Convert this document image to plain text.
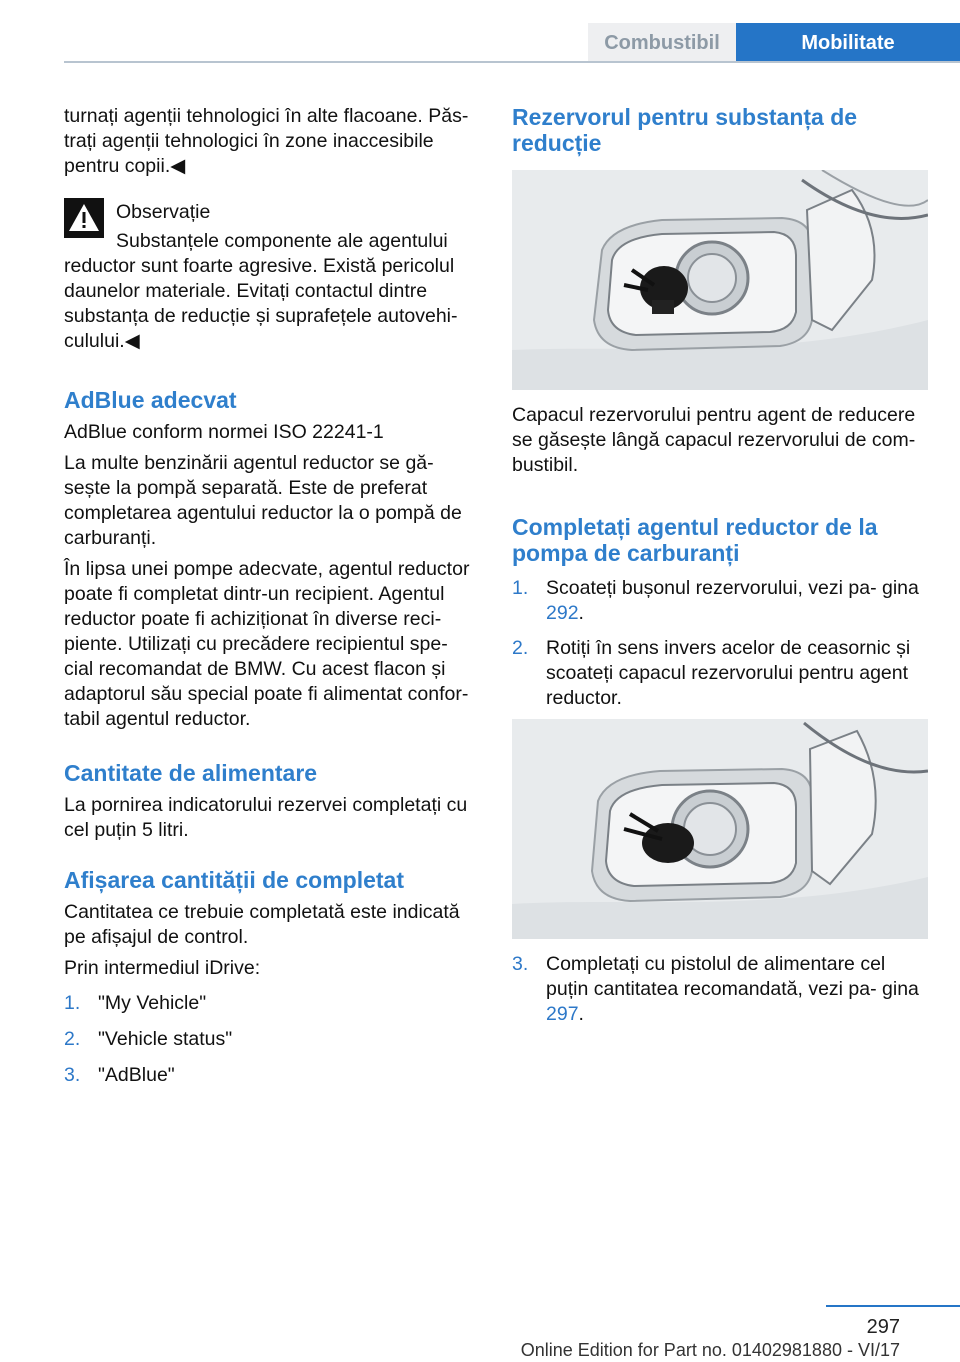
Combustibil	Mobilitate

turnați agenții tehnologici în alte flacoane. Păs‐ trați agenții tehnologici în zone inaccesibile pentru copii.◀

Observație

Substanțele componente ale agentului reductor sunt foarte agresive. Există pericolul daunelor materiale. Evitați contactul dintre substanța de reducție și suprafețele autovehi‐ culului.◀

AdBlue adecvat

AdBlue conform normei ISO 22241‑1

La multe benzinării agentul reductor se gă‐ sește la pompă separată. Este de preferat completarea agentului reductor la o pompă de carburanți.

În lipsa unei pompe adecvate, agentul reductor poate fi completat dintr-un recipient. Agentul reductor poate fi achiziționat în diverse reci‐ piente. Utilizați cu precădere recipientul spe‐ cial recomandat de BMW. Cu acest flacon și adaptorul său special poate fi alimentat confor‐ tabil agentul reductor.

Cantitate de alimentare

La pornirea indicatorului rezervei completați cu cel puțin 5 litri.

Afișarea cantității de completat

Cantitatea ce trebuie completată este indicată pe afișajul de control.

Prin intermediul iDrive:

1. "My Vehicle"
2. "Vehicle status"
3. "AdBlue"

Rezervorul pentru substanța de reducție

Capacul rezervorului pentru agent de reducere se găsește lângă capacul rezervorului de com‐ bustibil.

Completați agentul reductor de la pompa de carburanți

1. Scoateți bușonul rezervorului, vezi pa‐ gina 292.
2. Rotiți în sens invers acelor de ceasornic și scoateți capacul rezervorului pentru agent reductor.
3. Completați cu pistolul de alimentare cel puțin cantitatea recomandată, vezi pa‐ gina 297.
297
Online Edition for Part no. 01402981880 - VI/17
